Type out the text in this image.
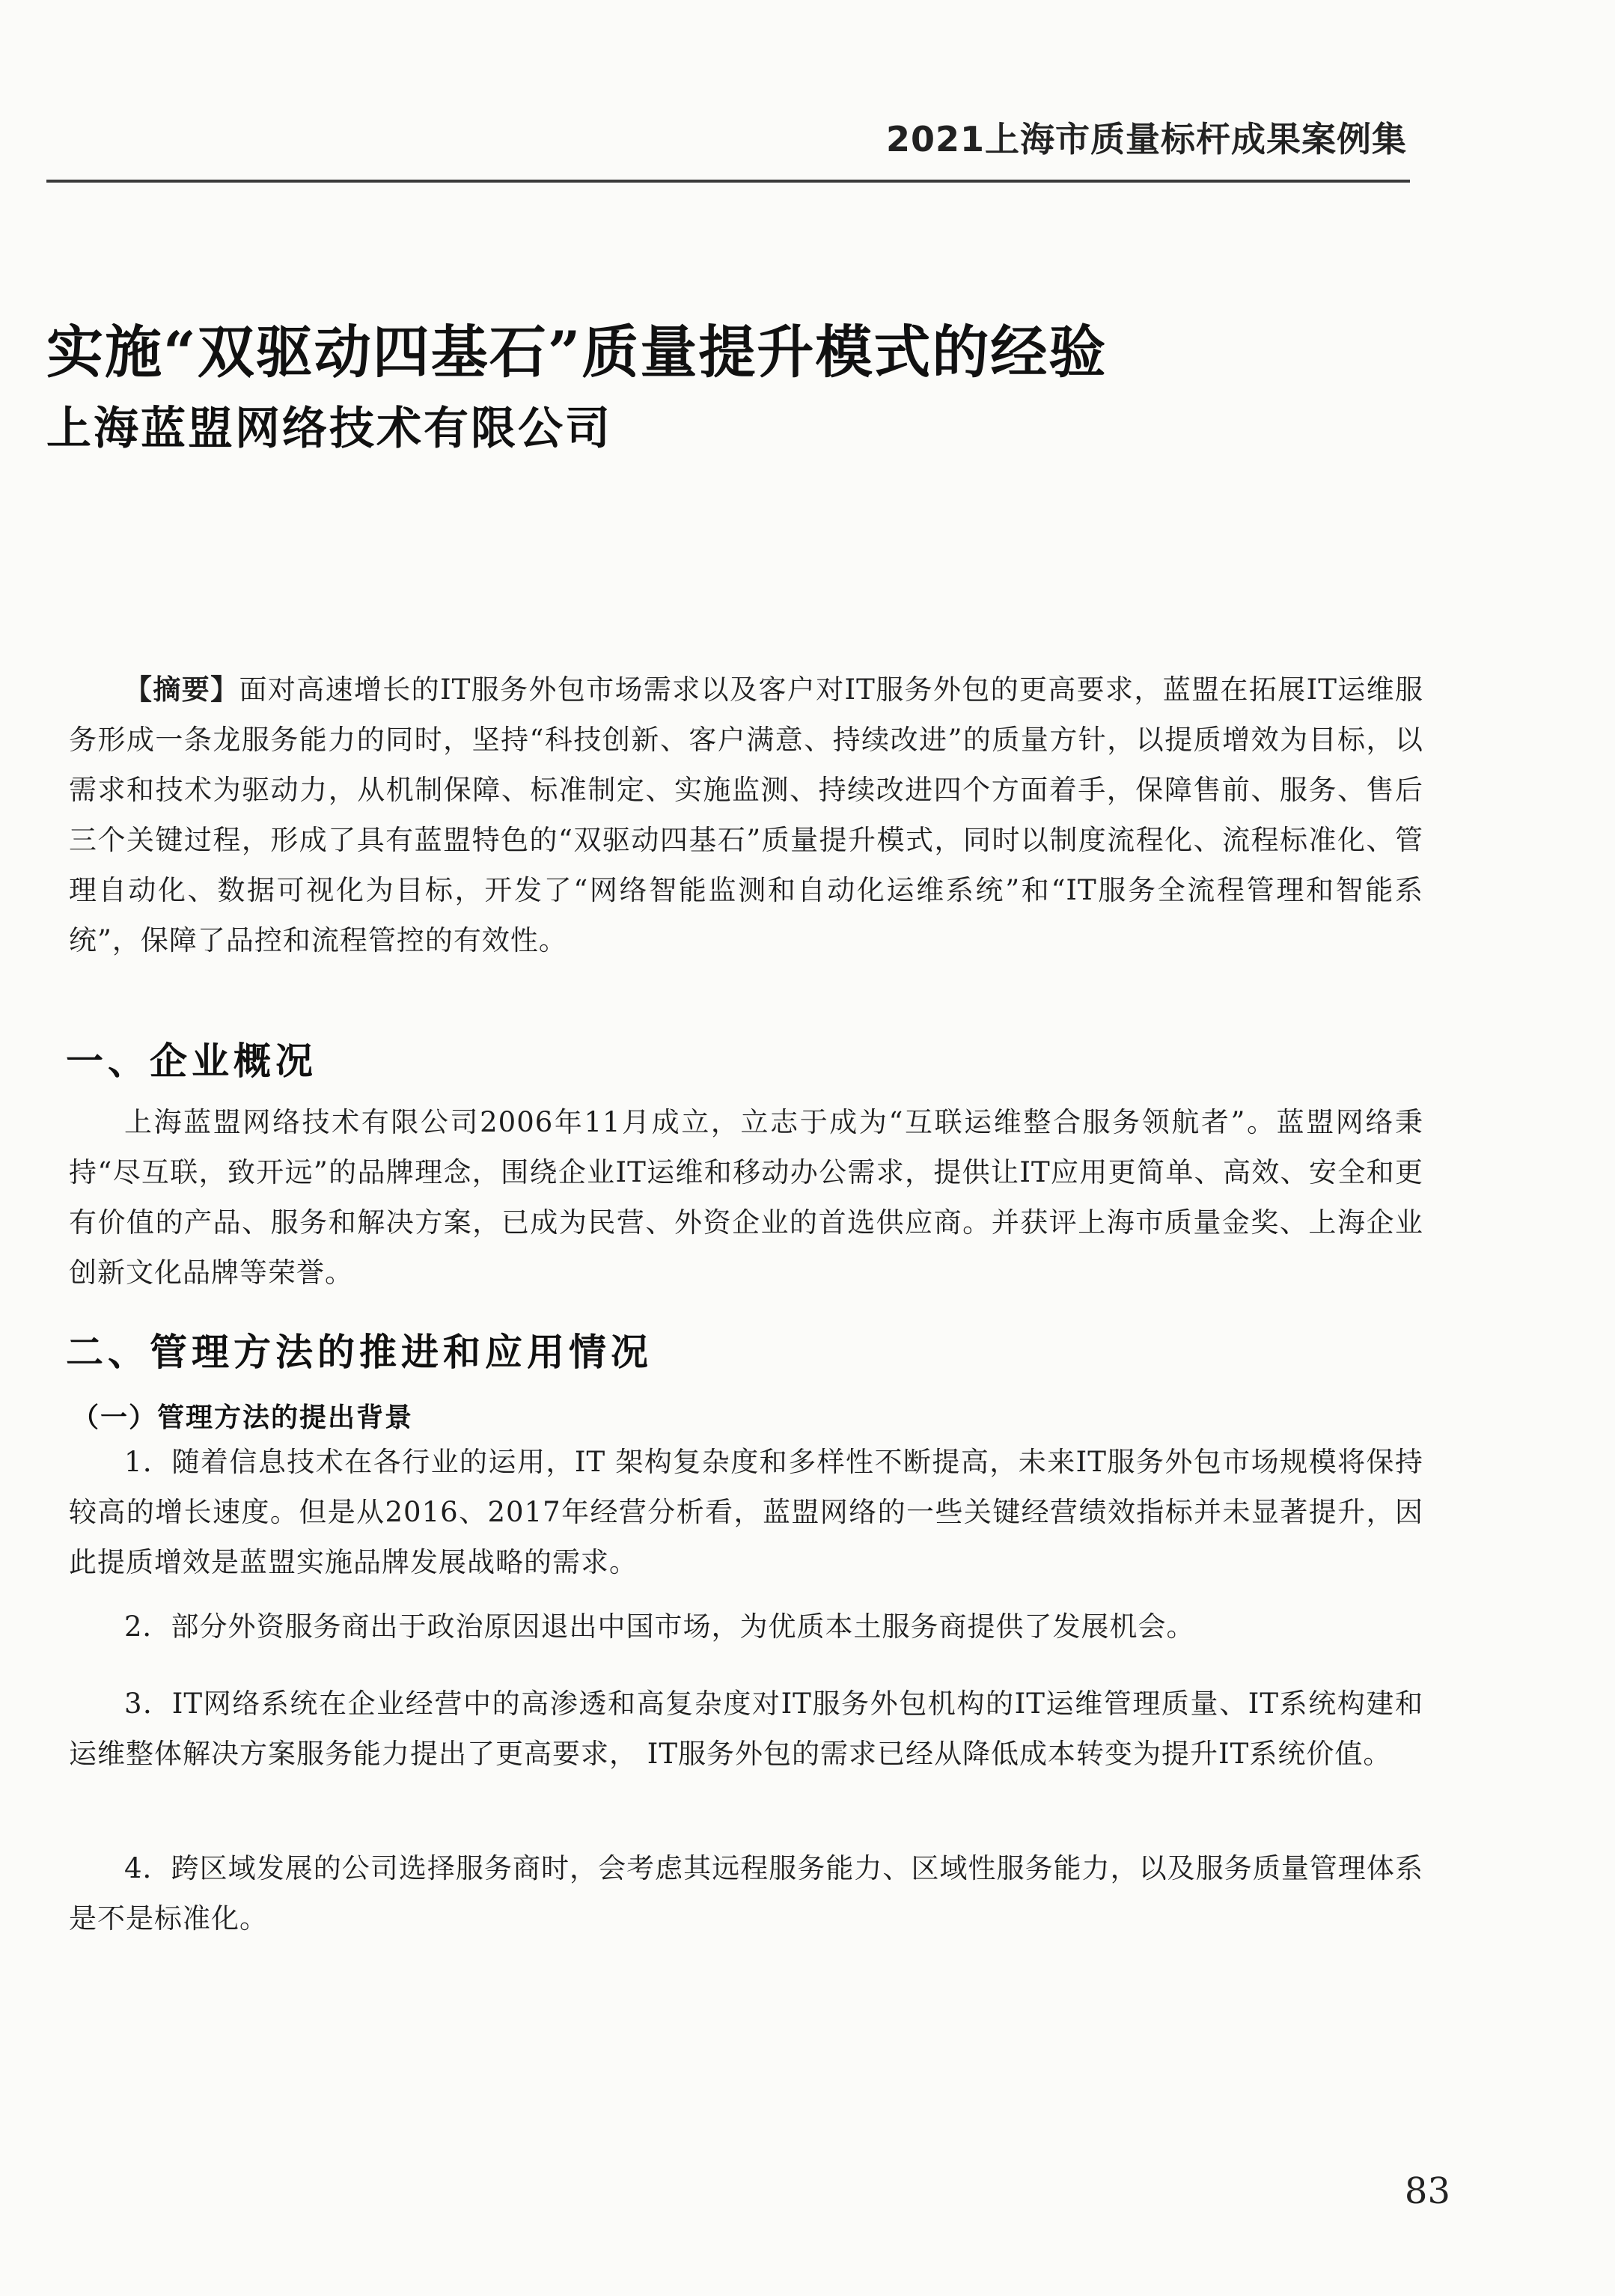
2021上海市质量标杆成果案例集
实施“双驱动四基石”质量提升模式的经验
上海蓝盟网络技术有限公司

【摘要】面对高速增长的IT服务外包市场需求以及客户对IT服务外包的更高要求，蓝盟在拓展IT运维服务形成一条龙服务能力的同时，坚持“科技创新、客户满意、持续改进”的质量方针，以提质增效为目标，以需求和技术为驱动力，从机制保障、标准制定、实施监测、持续改进四个方面着手，保障售前、服务、售后三个关键过程，形成了具有蓝盟特色的“双驱动四基石”质量提升模式，同时以制度流程化、流程标准化、管理自动化、数据可视化为目标，开发了“网络智能监测和自动化运维系统”和“IT服务全流程管理和智能系统”，保障了品控和流程管控的有效性。

一、企业概况

上海蓝盟网络技术有限公司2006年11月成立，立志于成为“互联运维整合服务领航者”。蓝盟网络秉持“尽互联，致开远”的品牌理念，围绕企业IT运维和移动办公需求，提供让IT应用更简单、高效、安全和更有价值的产品、服务和解决方案，已成为民营、外资企业的首选供应商。并获评上海市质量金奖、上海企业创新文化品牌等荣誉。

二、管理方法的推进和应用情况
（一）管理方法的提出背景

1．随着信息技术在各行业的运用，IT 架构复杂度和多样性不断提高，未来IT服务外包市场规模将保持较高的增长速度。但是从2016、2017年经营分析看，蓝盟网络的一些关键经营绩效指标并未显著提升，因此提质增效是蓝盟实施品牌发展战略的需求。

2．部分外资服务商出于政治原因退出中国市场，为优质本土服务商提供了发展机会。

3．IT网络系统在企业经营中的高渗透和高复杂度对IT服务外包机构的IT运维管理质量、IT系统构建和运维整体解决方案服务能力提出了更高要求， IT服务外包的需求已经从降低成本转变为提升IT系统价值。

4．跨区域发展的公司选择服务商时，会考虑其远程服务能力、区域性服务能力，以及服务质量管理体系是不是标准化。

83
